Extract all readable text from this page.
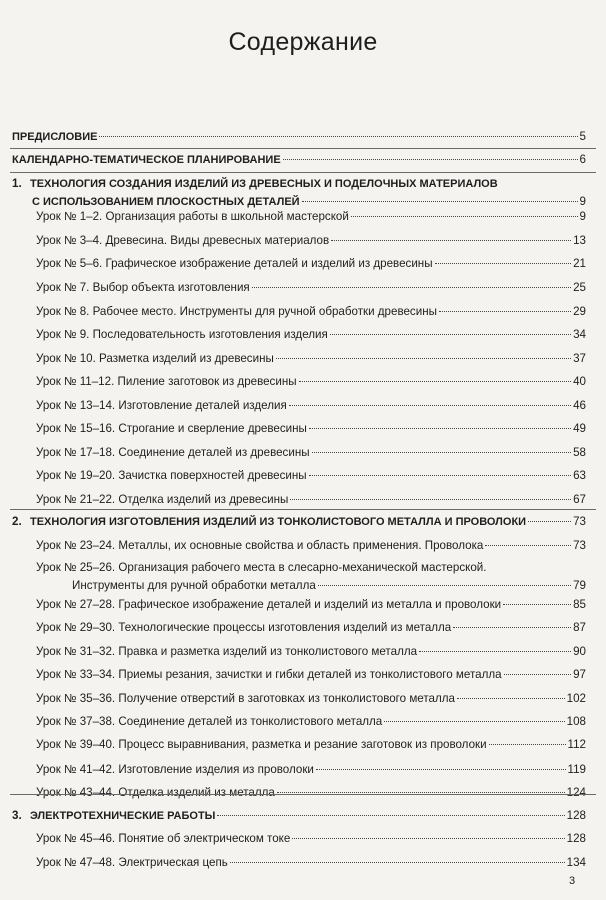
Содержание
ПРЕДИСЛОВИЕ	5
КАЛЕНДАРНО-ТЕМАТИЧЕСКОЕ ПЛАНИРОВАНИЕ	6
1. ТЕХНОЛОГИЯ СОЗДАНИЯ ИЗДЕЛИЙ ИЗ ДРЕВЕСНЫХ И ПОДЕЛОЧНЫХ МАТЕРИАЛОВ
С ИСПОЛЬЗОВАНИЕМ ПЛОСКОСТНЫХ ДЕТАЛЕЙ	9
Урок № 1–2. Организация работы в школьной мастерской	9
Урок № 3–4. Древесина. Виды древесных материалов	13
Урок № 5–6. Графическое изображение деталей и изделий из древесины	21
Урок № 7. Выбор объекта изготовления	25
Урок № 8. Рабочее место. Инструменты для ручной обработки древесины	29
Урок № 9. Последовательность изготовления изделия	34
Урок № 10. Разметка изделий из древесины	37
Урок № 11–12. Пиление заготовок из древесины	40
Урок № 13–14. Изготовление деталей изделия	46
Урок № 15–16. Строгание и сверление древесины	49
Урок № 17–18. Соединение деталей из древесины	58
Урок № 19–20. Зачистка поверхностей древесины	63
Урок № 21–22. Отделка изделий из древесины	67
2. ТЕХНОЛОГИЯ ИЗГОТОВЛЕНИЯ ИЗДЕЛИЙ ИЗ ТОНКОЛИСТОВОГО МЕТАЛЛА И ПРОВОЛОКИ	73
Урок № 23–24. Металлы, их основные свойства и область применения. Проволока	73
Урок № 25–26. Организация рабочего места в слесарно-механической мастерской.
Инструменты для ручной обработки металла	79
Урок № 27–28. Графическое изображение деталей и изделий из металла и проволоки	85
Урок № 29–30. Технологические процессы изготовления изделий из металла	87
Урок № 31–32. Правка и разметка изделий из тонколистового металла	90
Урок № 33–34. Приемы резания, зачистки и гибки деталей из тонколистового металла	97
Урок № 35–36. Получение отверстий в заготовках из тонколистового металла	102
Урок № 37–38. Соединение деталей из тонколистового металла	108
Урок № 39–40. Процесс выравнивания, разметка и резание заготовок из проволоки	112
Урок № 41–42. Изготовление изделия из проволоки	119
Урок № 43–44. Отделка изделий из металла	124
3. ЭЛЕКТРОТЕХНИЧЕСКИЕ РАБОТЫ	128
Урок № 45–46. Понятие об электрическом токе	128
Урок № 47–48. Электрическая цепь	134
3
